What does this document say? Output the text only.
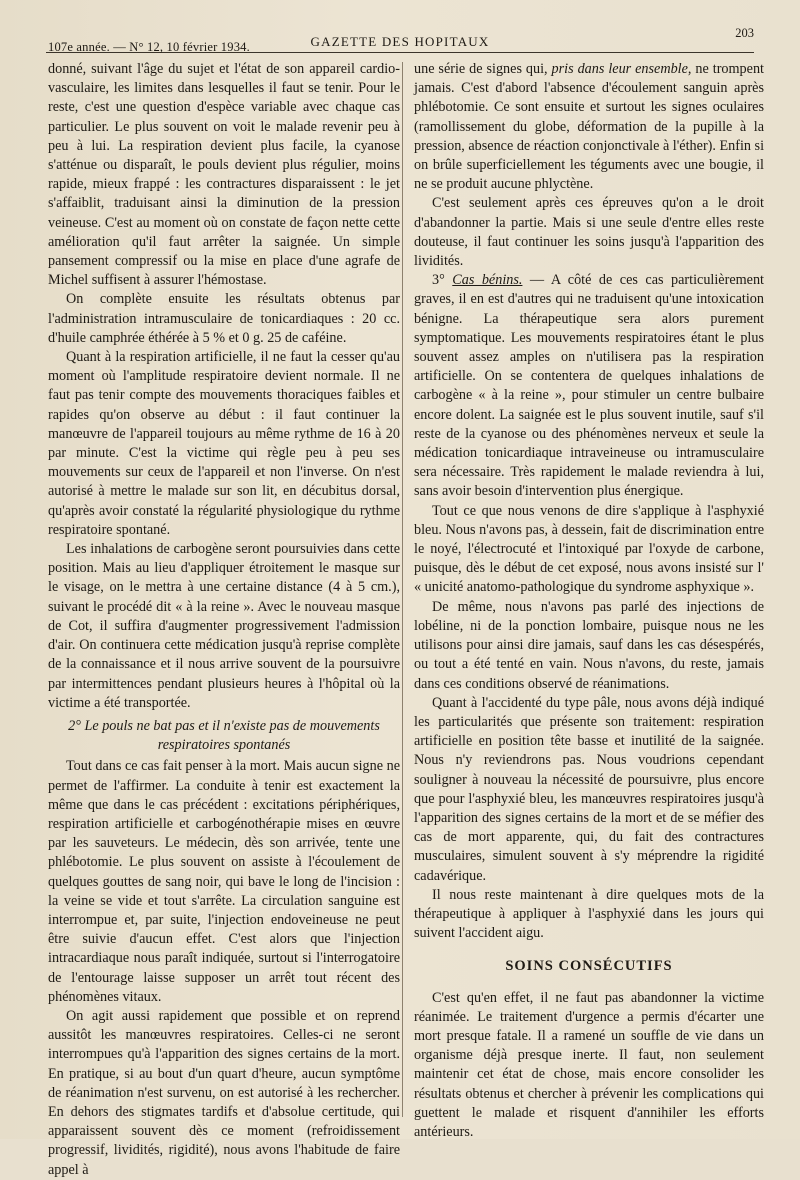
107e année. — N° 12, 10 février 1934.	GAZETTE DES HOPITAUX
203

donné, suivant l'âge du sujet et l'état de son appareil cardio-vasculaire, les limites dans lesquelles il faut se tenir. Pour le reste, c'est une question d'espèce variable avec chaque cas particulier. Le plus souvent on voit le malade revenir peu à peu à lui. La respiration devient plus facile, la cyanose s'atténue ou disparaît, le pouls devient plus régulier, moins rapide, mieux frappé : les contractures disparaissent : le jet s'affaiblit, traduisant ainsi la diminution de la pression veineuse. C'est au moment où on constate de façon nette cette amélioration qu'il faut arrêter la saignée. Un simple pansement compressif ou la mise en place d'une agrafe de Michel suffisent à assurer l'hémostase.

On complète ensuite les résultats obtenus par l'administration intramusculaire de tonicardiaques : 20 cc. d'huile camphrée éthérée à 5 % et 0 g. 25 de caféine.

Quant à la respiration artificielle, il ne faut la cesser qu'au moment où l'amplitude respiratoire devient normale. Il ne faut pas tenir compte des mouvements thoraciques faibles et rapides qu'on observe au début : il faut continuer la manœuvre de l'appareil toujours au même rythme de 16 à 20 par minute. C'est la victime qui règle peu à peu ses mouvements sur ceux de l'appareil et non l'inverse. On n'est autorisé à mettre le malade sur son lit, en décubitus dorsal, qu'après avoir constaté la régularité physiologique du rythme respiratoire spontané.

Les inhalations de carbogène seront poursuivies dans cette position. Mais au lieu d'appliquer étroitement le masque sur le visage, on le mettra à une certaine distance (4 à 5 cm.), suivant le procédé dit « à la reine ». Avec le nouveau masque de Cot, il suffira d'augmenter progressivement l'admission d'air. On continuera cette médication jusqu'à reprise complète de la connaissance et il nous arrive souvent de la poursuivre par intermittences pendant plusieurs heures à l'hôpital où la victime a été transportée.

2° Le pouls ne bat pas et il n'existe pas de mouvements respiratoires spontanés

Tout dans ce cas fait penser à la mort. Mais aucun signe ne permet de l'affirmer. La conduite à tenir est exactement la même que dans le cas précédent : excitations périphériques, respiration artificielle et carbogénothérapie mises en œuvre par les sauveteurs. Le médecin, dès son arrivée, tente une phlébotomie. Le plus souvent on assiste à l'écoulement de quelques gouttes de sang noir, qui bave le long de l'incision : la veine se vide et tout s'arrête. La circulation sanguine est interrompue et, par suite, l'injection endoveineuse ne peut être suivie d'aucun effet. C'est alors que l'injection intracardiaque nous paraît indiquée, surtout si l'interrogatoire de l'entourage laisse supposer un arrêt tout récent des phénomènes vitaux.

On agit aussi rapidement que possible et on reprend aussitôt les manœuvres respiratoires. Celles-ci ne seront interrompues qu'à l'apparition des signes certains de la mort. En pratique, si au bout d'un quart d'heure, aucun symptôme de réanimation n'est survenu, on est autorisé à les rechercher. En dehors des stigmates tardifs et d'absolue certitude, qui apparaissent souvent dès ce moment (refroidissement progressif, lividités, rigidité), nous avons l'habitude de faire appel à

une série de signes qui, pris dans leur ensemble, ne trompent jamais. C'est d'abord l'absence d'écoulement sanguin après phlébotomie. Ce sont ensuite et surtout les signes oculaires (ramollissement du globe, déformation de la pupille à la pression, absence de réaction conjonctivale à l'éther). Enfin si on brûle superficiellement les téguments avec une bougie, il ne se produit aucune phlyctène.

C'est seulement après ces épreuves qu'on a le droit d'abandonner la partie. Mais si une seule d'entre elles reste douteuse, il faut continuer les soins jusqu'à l'apparition des lividités.

3° Cas bénins. — A côté de ces cas particulièrement graves, il en est d'autres qui ne traduisent qu'une intoxication bénigne. La thérapeutique sera alors purement symptomatique. Les mouvements respiratoires étant le plus souvent assez amples on n'utilisera pas la respiration artificielle. On se contentera de quelques inhalations de carbogène « à la reine », pour stimuler un centre bulbaire encore dolent. La saignée est le plus souvent inutile, sauf s'il reste de la cyanose ou des phénomènes nerveux et seule la médication tonicardiaque intraveineuse ou intramusculaire sera nécessaire. Très rapidement le malade reviendra à lui, sans avoir besoin d'intervention plus énergique.

Tout ce que nous venons de dire s'applique à l'asphyxié bleu. Nous n'avons pas, à dessein, fait de discrimination entre le noyé, l'électrocuté et l'intoxiqué par l'oxyde de carbone, puisque, dès le début de cet exposé, nous avons insisté sur l' « unicité anatomo-pathologique du syndrome asphyxique ».

De même, nous n'avons pas parlé des injections de lobéline, ni de la ponction lombaire, puisque nous ne les utilisons pour ainsi dire jamais, sauf dans les cas désespérés, ou tout a été tenté en vain. Nous n'avons, du reste, jamais dans ces conditions observé de réanimations.

Quant à l'accidenté du type pâle, nous avons déjà indiqué les particularités que présente son traitement: respiration artificielle en position tête basse et inutilité de la saignée. Nous n'y reviendrons pas. Nous voudrions cependant souligner à nouveau la nécessité de poursuivre, plus encore que pour l'asphyxié bleu, les manœuvres respiratoires jusqu'à l'apparition des signes certains de la mort et de se méfier des cas de mort apparente, qui, du fait des contractures musculaires, simulent souvent à s'y méprendre la rigidité cadavérique.

Il nous reste maintenant à dire quelques mots de la thérapeutique à appliquer à l'asphyxié dans les jours qui suivent l'accident aigu.

SOINS CONSÉCUTIFS

C'est qu'en effet, il ne faut pas abandonner la victime réanimée. Le traitement d'urgence a permis d'écarter une mort presque fatale. Il a ramené un souffle de vie dans un organisme déjà presque inerte. Il faut, non seulement maintenir cet état de chose, mais encore consolider les résultats obtenus et chercher à prévenir les complications qui guettent le malade et risquent d'annihiler les efforts antérieurs.
